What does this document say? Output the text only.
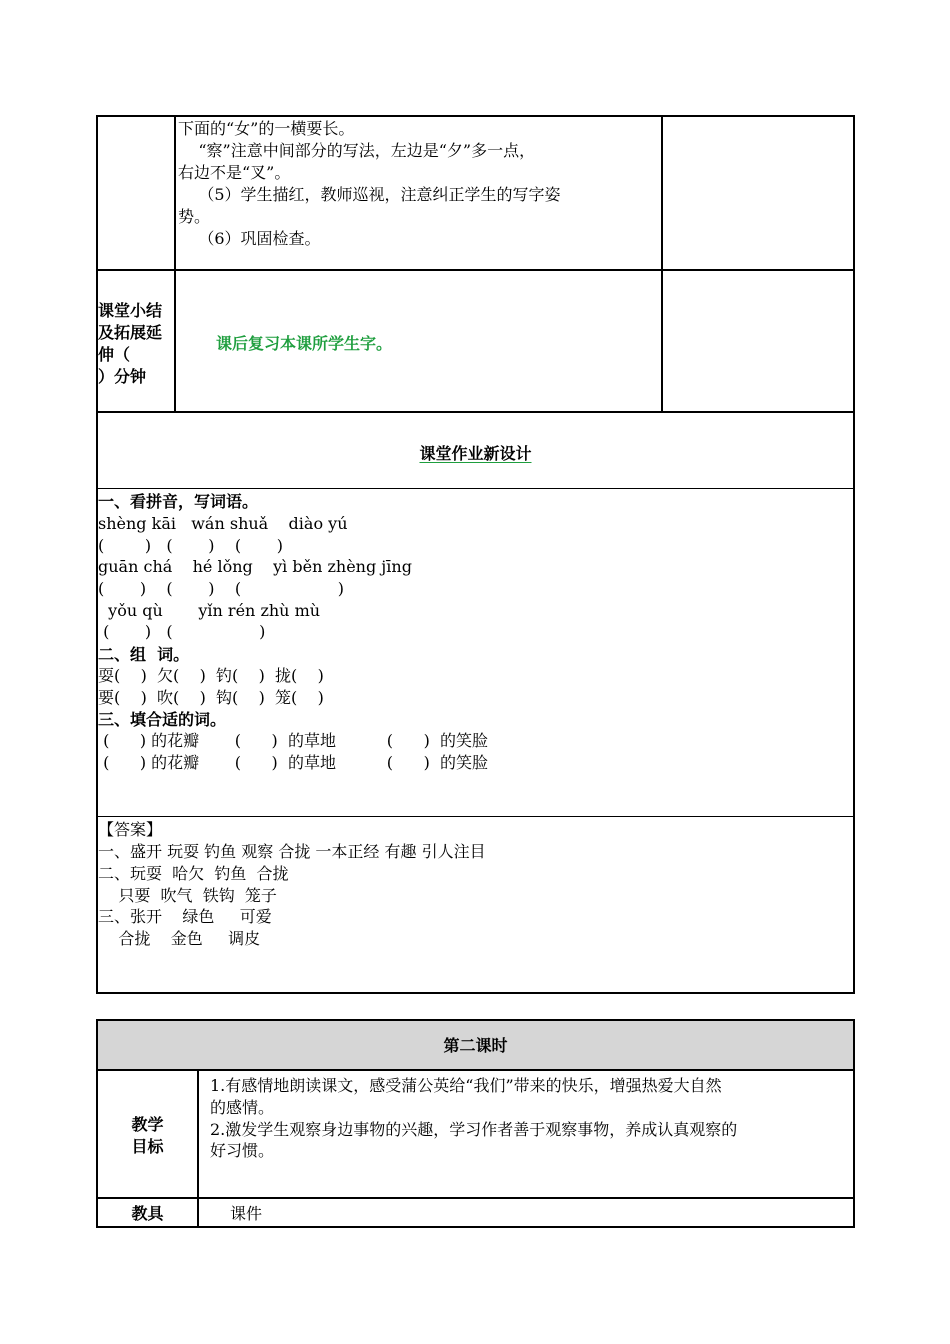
下面的“女”的一横要长。
“察”注意中间部分的写法，左边是“夕”多一点，
右边不是“叉”。
（5）学生描红，教师巡视，注意纠正学生的写字姿
势。
（6）巩固检查。
课堂小结
及拓展延
伸（
）分钟
课后复习本课所学生字。
课堂作业新设计
一、看拼音，写词语。
shèng kāi   wán shuǎ    diào yú
(        )   (       )    (       )
guān chá    hé lǒng    yì běn zhèng jīng
(       )    (       )    (                   )
yǒu qù       yǐn rén zhù mù
(       )   (                 )
二、组  词。
耍(    )  欠(    )  钓(    )  拢(    )
要(    )  吹(    )  钩(    )  笼(    )
三、填合适的词。
(      ) 的花瓣       (      )  的草地          (      )  的笑脸
(      ) 的花瓣       (      )  的草地          (      )  的笑脸
【答案】
一、盛开 玩耍 钓鱼 观察 合拢 一本正经 有趣 引人注目
二、玩耍  哈欠  钓鱼  合拢
只要  吹气  铁钩  笼子
三、张开    绿色     可爱
合拢    金色     调皮
第二课时
教学
目标
1.有感情地朗读课文，感受蒲公英给“我们”带来的快乐，增强热爱大自然
的感情。
2.激发学生观察身边事物的兴趣，学习作者善于观察事物，养成认真观察的
好习惯。
教具	课件
